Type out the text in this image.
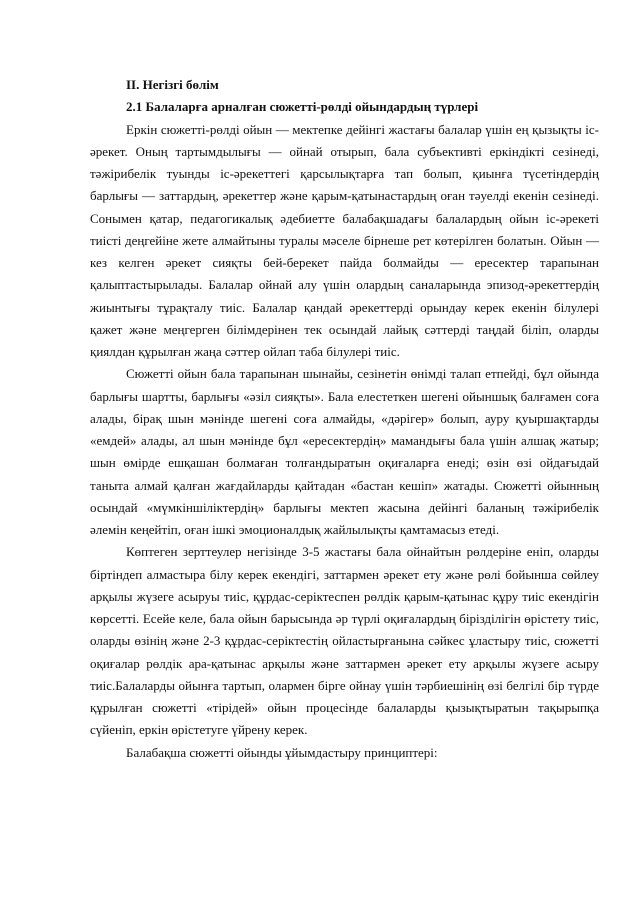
ІІ. Негізгі бөлім

2.1 Балаларға арналған сюжетті-рөлді ойындардың түрлері

Еркін сюжетті-рөлді ойын — мектепке дейінгі жастағы балалар үшін ең қызықты іс-әрекет. Оның тартымдылығы — ойнай отырып, бала субъективті еркіндікті сезінеді, тәжірибелік туынды іс-әрекеттегі қарсылықтарға тап болып, қиынға түсетіндердің барлығы — заттардың, әрекеттер және қарым-қатынастардың оған тәуелді екенін сезінеді. Сонымен қатар, педагогикалық әдебиетте балабақшадағы балалардың ойын іс-әрекеті тиісті деңгейіне жете алмайтыны туралы мәселе бірнеше рет көтерілген болатын. Ойын — кез келген әрекет сияқты бей-берекет пайда болмайды — ересектер тарапынан қалыптастырылады. Балалар ойнай алу үшін олардың саналарында эпизод-әрекеттердің жиынтығы тұрақталу тиіс. Балалар қандай әрекеттерді орындау керек екенін білулері қажет және меңгерген білімдерінен тек осындай лайық сәттерді таңдай біліп, оларды қиялдан құрылған жаңа сәттер ойлап таба білулері тиіс.

Сюжетті ойын бала тарапынан шынайы, сезінетін өнімді талап етпейді, бұл ойында барлығы шартты, барлығы «әзіл сияқты». Бала елестеткен шегені ойыншық балғамен соға алады, бірақ шын мәнінде шегені соға алмайды, «дәрігер» болып, ауру қуыршақтарды «емдей» алады, ал шын мәнінде бұл «ересектердің» мамандығы бала үшін алшақ жатыр; шын өмірде ешқашан болмаған толғандыратын оқиғаларға енеді; өзін өзі ойдағыдай таныта алмай қалған жағдайларды қайтадан «бастан кешіп» жатады. Сюжетті ойынның осындай «мүмкіншіліктердің» барлығы мектеп жасына дейінгі баланың тәжірибелік әлемін кеңейтіп, оған ішкі эмоционалдық жайлылықты қамтамасыз етеді.

Көптеген зерттеулер негізінде 3-5 жастағы бала ойнайтын рөлдеріне еніп, оларды біртіндеп алмастыра білу керек екендігі, заттармен әрекет ету және рөлі бойынша сөйлеу арқылы жүзеге асыруы тиіс, құрдас-серіктеспен рөлдік қарым-қатынас құру тиіс екендігін көрсетті. Есейе келе, бала ойын барысында әр түрлі оқиғалардың бірізділігін өрістету тиіс, оларды өзінің және 2-3 құрдас-серіктестің ойластырғанына сәйкес ұластыру тиіс, сюжетті оқиғалар рөлдік ара-қатынас арқылы және заттармен әрекет ету арқылы жүзеге асыру тиіс.Балаларды ойынға тартып, олармен бірге ойнау үшін тәрбиешінің өзі белгілі бір түрде құрылған сюжетті «тірідей» ойын процесінде балаларды қызықтыратын тақырыпқа сүйеніп, еркін өрістетуге үйрену керек.

Балабақша сюжетті ойынды ұйымдастыру принциптері:
